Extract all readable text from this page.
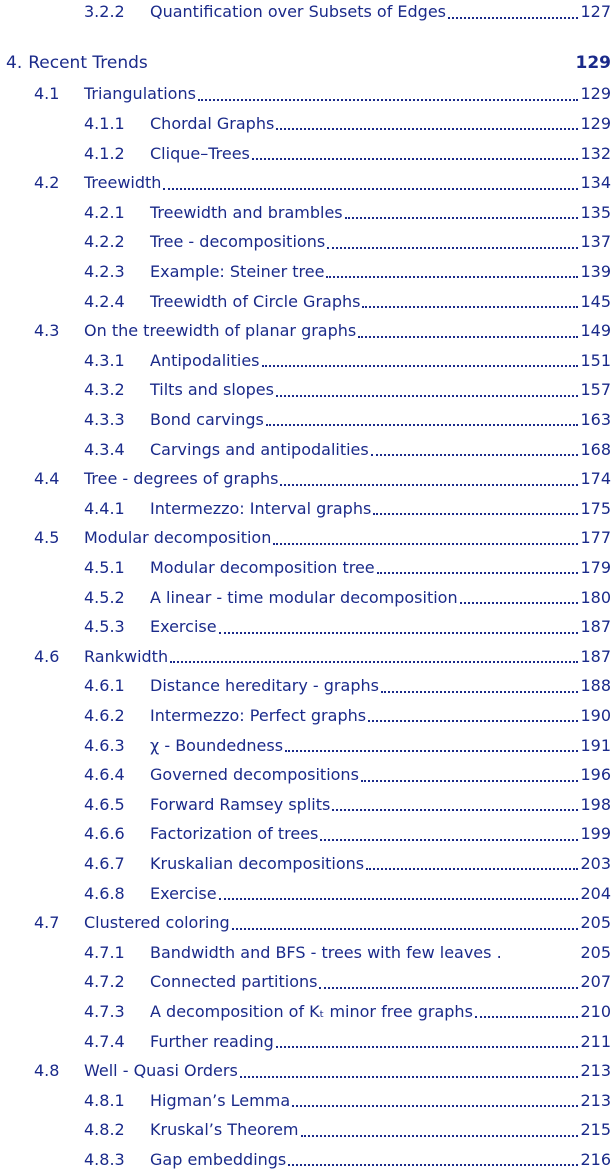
3.2.2	Quantification over Subsets of Edges	127
4. Recent Trends	129
4.1	Triangulations	129
4.1.1	Chordal Graphs	129
4.1.2	Clique–Trees	132
4.2	Treewidth	134
4.2.1	Treewidth and brambles	135
4.2.2	Tree - decompositions	137
4.2.3	Example: Steiner tree	139
4.2.4	Treewidth of Circle Graphs	145
4.3	On the treewidth of planar graphs	149
4.3.1	Antipodalities	151
4.3.2	Tilts and slopes	157
4.3.3	Bond carvings	163
4.3.4	Carvings and antipodalities	168
4.4	Tree - degrees of graphs	174
4.4.1	Intermezzo: Interval graphs	175
4.5	Modular decomposition	177
4.5.1	Modular decomposition tree	179
4.5.2	A linear - time modular decomposition	180
4.5.3	Exercise	187
4.6	Rankwidth	187
4.6.1	Distance hereditary - graphs	188
4.6.2	Intermezzo: Perfect graphs	190
4.6.3	χ - Boundedness	191
4.6.4	Governed decompositions	196
4.6.5	Forward Ramsey splits	198
4.6.6	Factorization of trees	199
4.6.7	Kruskalian decompositions	203
4.6.8	Exercise	204
4.7	Clustered coloring	205
4.7.1	Bandwidth and BFS - trees with few leaves .	205
4.7.2	Connected partitions	207
4.7.3	A decomposition of Kₜ minor free graphs	210
4.7.4	Further reading	211
4.8	Well - Quasi Orders	213
4.8.1	Higman’s Lemma	213
4.8.2	Kruskal’s Theorem	215
4.8.3	Gap embeddings	216
